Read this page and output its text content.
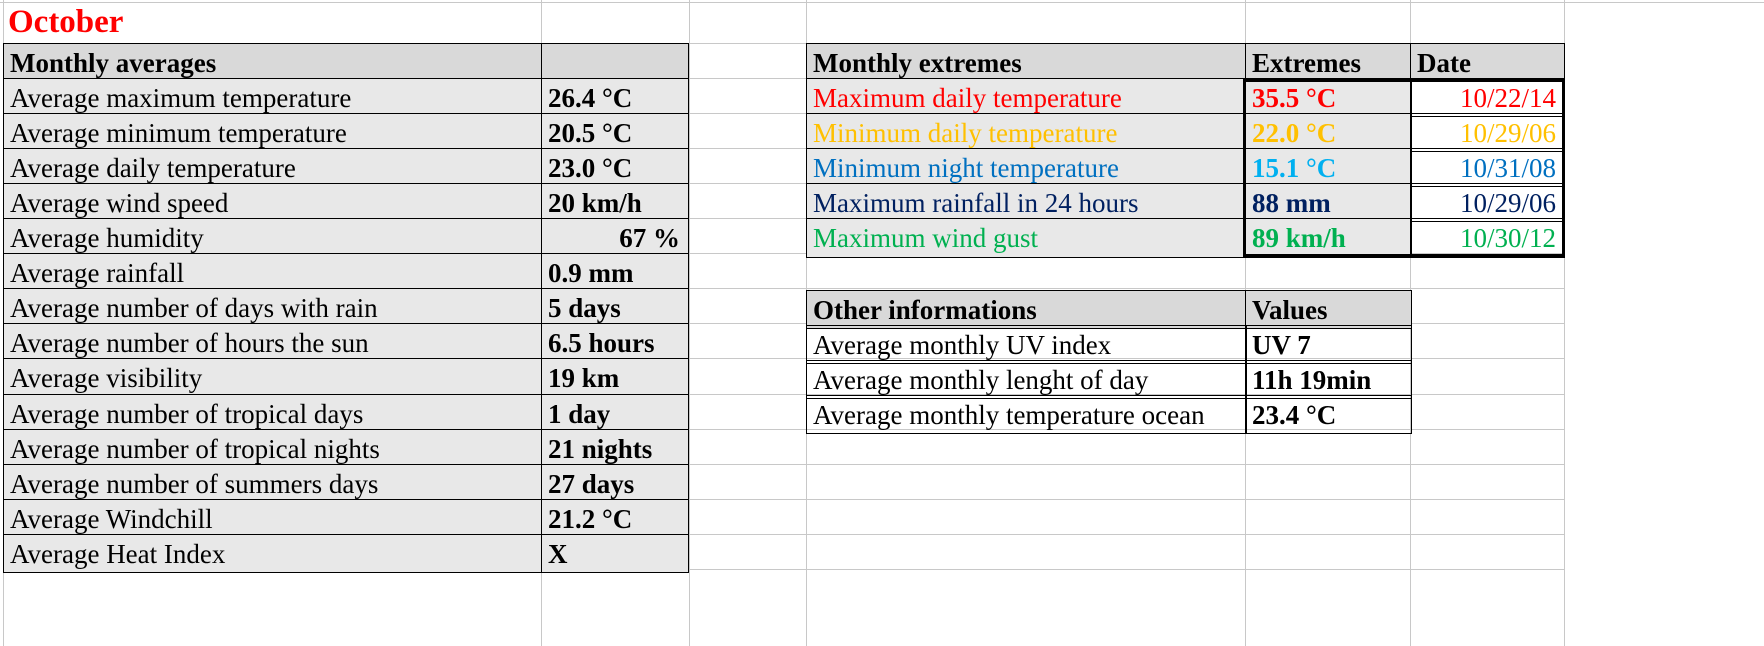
October
Monthly averages
Average maximum temperature	26.4 °C
Average minimum temperature	20.5 °C
Average daily temperature	23.0 °C
Average wind speed	20 km/h
Average humidity	67 %
Average rainfall	0.9 mm
Average number of days with rain	5 days
Average number of hours the sun	6.5 hours
Average visibility	19 km
Average number of tropical days	1 day
Average number of tropical nights	21 nights
Average number of summers days	27 days
Average Windchill	21.2 °C
Average Heat Index	X
Monthly extremes	Extremes	Date
Maximum daily temperature	35.5 °C	10/22/14
Minimum daily temperature	22.0 °C	10/29/06
Minimum night temperature	15.1 °C	10/31/08
Maximum rainfall in 24 hours	88 mm	10/29/06
Maximum wind gust	89 km/h	10/30/12
Other informations	Values
Average monthly UV index	UV 7
Average monthly lenght of day	11h 19min
Average monthly temperature ocean	23.4 °C
